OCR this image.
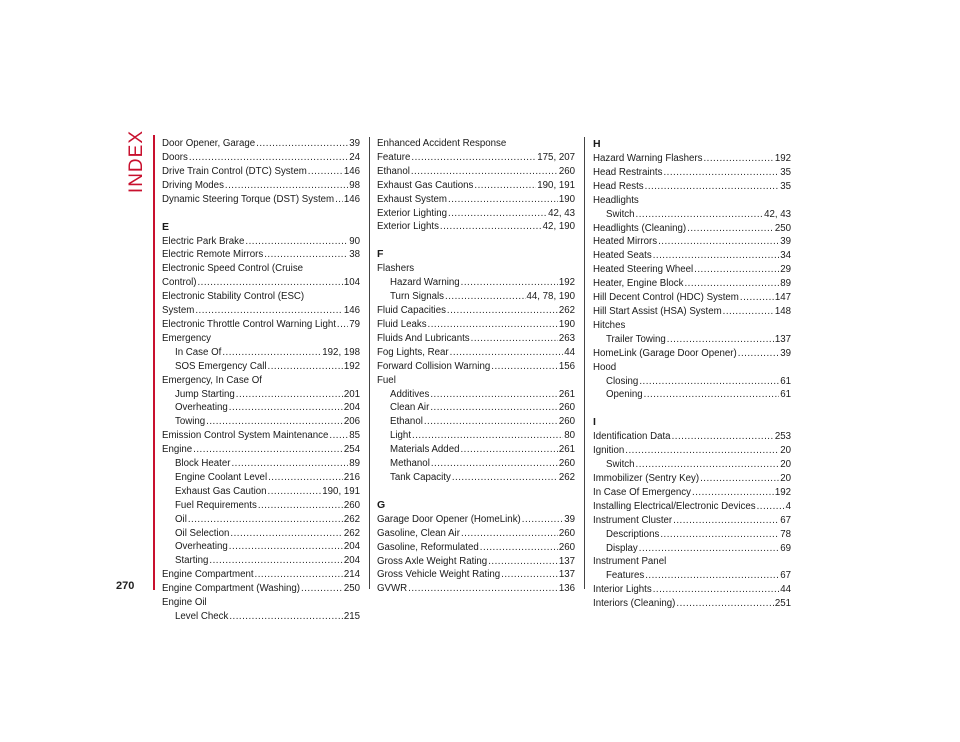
INDEX
270
Door Opener, Garage .....	39
Doors .....	24
Drive Train Control (DTC) System .....	146
Driving Modes .....	98
Dynamic Steering Torque (DST) System ..... 146
E
Electric Park Brake .....	90
Electric Remote Mirrors .....	38
Electronic Speed Control (Cruise
Control) .....	104
Electronic Stability Control (ESC)
System .....	146
Electronic Throttle Control Warning Light ..... 79
Emergency
In Case Of .....	192, 198
SOS Emergency Call .....	192
Emergency, In Case Of
Jump Starting .....	201
Overheating .....	204
Towing .....	206
Emission Control System Maintenance ..... 85
Engine .....	254
Block Heater .....	89
Engine Coolant Level .....	216
Exhaust Gas Caution .....	190, 191
Fuel Requirements .....	260
Oil .....	262
Oil Selection .....	262
Overheating .....	204
Starting .....	204
Engine Compartment .....	214
Engine Compartment (Washing) .....	250
Engine Oil
Level Check .....	215
Enhanced Accident Response
Feature .....	175, 207
Ethanol .....	260
Exhaust Gas Cautions .....	190, 191
Exhaust System .....	190
Exterior Lighting .....	42, 43
Exterior Lights .....	42, 190
F
Flashers
Hazard Warning .....	192
Turn Signals .....	44, 78, 190
Fluid Capacities .....	262
Fluid Leaks .....	190
Fluids And Lubricants .....	263
Fog Lights, Rear .....	44
Forward Collision Warning .....	156
Fuel
Additives .....	261
Clean Air .....	260
Ethanol .....	260
Light .....	80
Materials Added .....	261
Methanol .....	260
Tank Capacity .....	262
G
Garage Door Opener (HomeLink) .....	39
Gasoline, Clean Air .....	260
Gasoline, Reformulated .....	260
Gross Axle Weight Rating .....	137
Gross Vehicle Weight Rating .....	137
GVWR .....	136
H
Hazard Warning Flashers .....	192
Head Restraints .....	35
Head Rests .....	35
Headlights
Switch .....	42, 43
Headlights (Cleaning) .....	250
Heated Mirrors .....	39
Heated Seats .....	34
Heated Steering Wheel .....	29
Heater, Engine Block .....	89
Hill Decent Control (HDC) System .....	147
Hill Start Assist (HSA) System .....	148
Hitches
Trailer Towing .....	137
HomeLink (Garage Door Opener) .....	39
Hood
Closing .....	61
Opening .....	61
I
Identification Data .....	253
Ignition .....	20
Switch .....	20
Immobilizer (Sentry Key) .....	20
In Case Of Emergency .....	192
Installing Electrical/Electronic Devices .....	4
Instrument Cluster .....	67
Descriptions .....	78
Display .....	69
Instrument Panel
Features .....	67
Interior Lights .....	44
Interiors (Cleaning) .....	251
